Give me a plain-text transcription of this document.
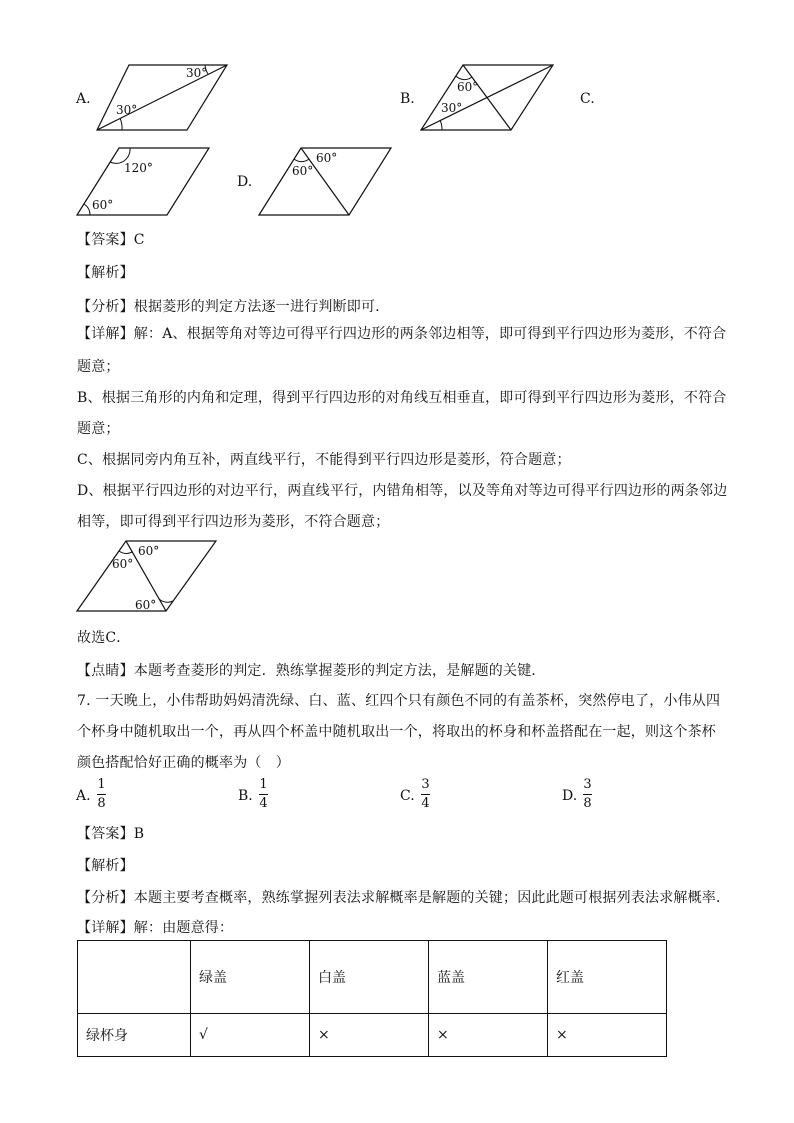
A.
30°
30°
B.
60°
30°
C.
120°
60°
D.
60°
60°
【答案】C
【解析】
【分析】根据菱形的判定方法逐一进行判断即可．
【详解】解：A、根据等角对等边可得平行四边形的两条邻边相等，即可得到平行四边形为菱形，不符合
题意；
B、根据三角形的内角和定理，得到平行四边形的对角线互相垂直，即可得到平行四边形为菱形，不符合
题意；
C、根据同旁内角互补，两直线平行，不能得到平行四边形是菱形，符合题意；
D、根据平行四边形的对边平行，两直线平行，内错角相等，以及等角对等边可得平行四边形的两条邻边
相等，即可得到平行四边形为菱形，不符合题意；
60°
60°
60°
故选C．
【点睛】本题考查菱形的判定．熟练掌握菱形的判定方法，是解题的关键．
7. 一天晚上，小伟帮助妈妈清洗绿、白、蓝、红四个只有颜色不同的有盖茶杯，突然停电了，小伟从四
个杯身中随机取出一个，再从四个杯盖中随机取出一个，将取出的杯身和杯盖搭配在一起，则这个茶杯
颜色搭配恰好正确的概率为（　）
A.
1
8	B.
1
4	C.
3
4	D.
3
8
【答案】B
【解析】
【分析】本题主要考查概率，熟练掌握列表法求解概率是解题的关键；因此此题可根据列表法求解概率．
【详解】解：由题意得：
	绿盖	白盖	蓝盖	红盖
绿杯身	√	×	×	×
